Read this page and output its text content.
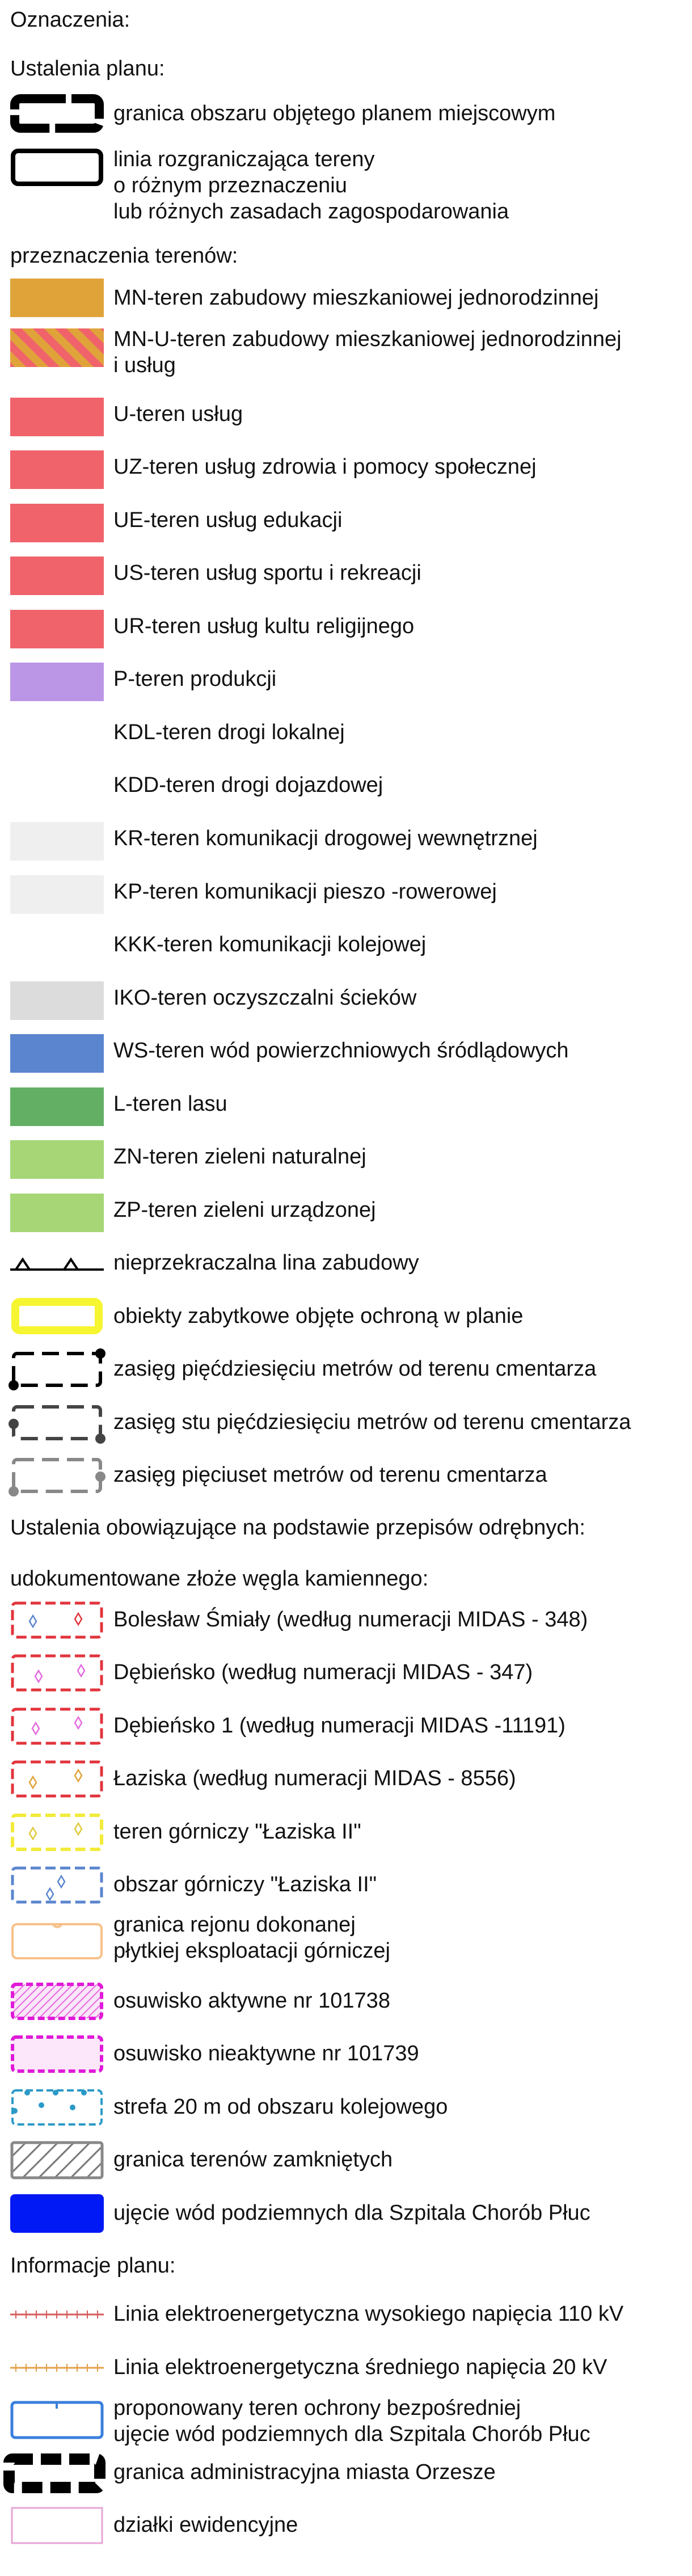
Oznaczenia:
Ustalenia planu:
granica obszaru objętego planem miejscowym
linia rozgraniczająca tereny
o różnym przeznaczeniu
lub różnych zasadach zagospodarowania
przeznaczenia terenów:
MN-teren zabudowy mieszkaniowej jednorodzinnej
MN-U-teren zabudowy mieszkaniowej jednorodzinnej
i usług
U-teren usług
UZ-teren usług zdrowia i pomocy społecznej
UE-teren usług edukacji
US-teren usług sportu i rekreacji
UR-teren usług kultu religijnego
P-teren produkcji
KDL-teren drogi lokalnej
KDD-teren drogi dojazdowej
KR-teren komunikacji drogowej wewnętrznej
KP-teren komunikacji pieszo -rowerowej
KKK-teren komunikacji kolejowej
IKO-teren oczyszczalni ścieków
WS-teren wód powierzchniowych śródlądowych
L-teren lasu
ZN-teren zieleni naturalnej
ZP-teren zieleni urządzonej
nieprzekraczalna lina zabudowy
obiekty zabytkowe objęte ochroną w planie
zasięg pięćdziesięciu metrów od terenu cmentarza
zasięg stu pięćdziesięciu metrów od terenu cmentarza
zasięg pięciuset metrów od terenu cmentarza
Ustalenia obowiązujące na podstawie przepisów odrębnych:
udokumentowane złoże węgla kamiennego:
Bolesław Śmiały (według numeracji MIDAS - 348)
Dębieńsko (według numeracji MIDAS - 347)
Dębieńsko 1 (według numeracji MIDAS -11191)
Łaziska (według numeracji MIDAS - 8556)
teren górniczy "Łaziska II"
obszar górniczy "Łaziska II"
granica rejonu dokonanej
płytkiej eksploatacji górniczej
osuwisko aktywne nr 101738
osuwisko nieaktywne nr 101739
strefa 20 m od obszaru kolejowego
granica terenów zamkniętych
ujęcie wód podziemnych dla Szpitala Chorób Płuc
Informacje planu:
Linia elektroenergetyczna wysokiego napięcia 110 kV
Linia elektroenergetyczna średniego napięcia 20 kV
proponowany teren ochrony bezpośredniej
ujęcie wód podziemnych dla Szpitala Chorób Płuc
granica administracyjna miasta Orzesze
działki ewidencyjne
